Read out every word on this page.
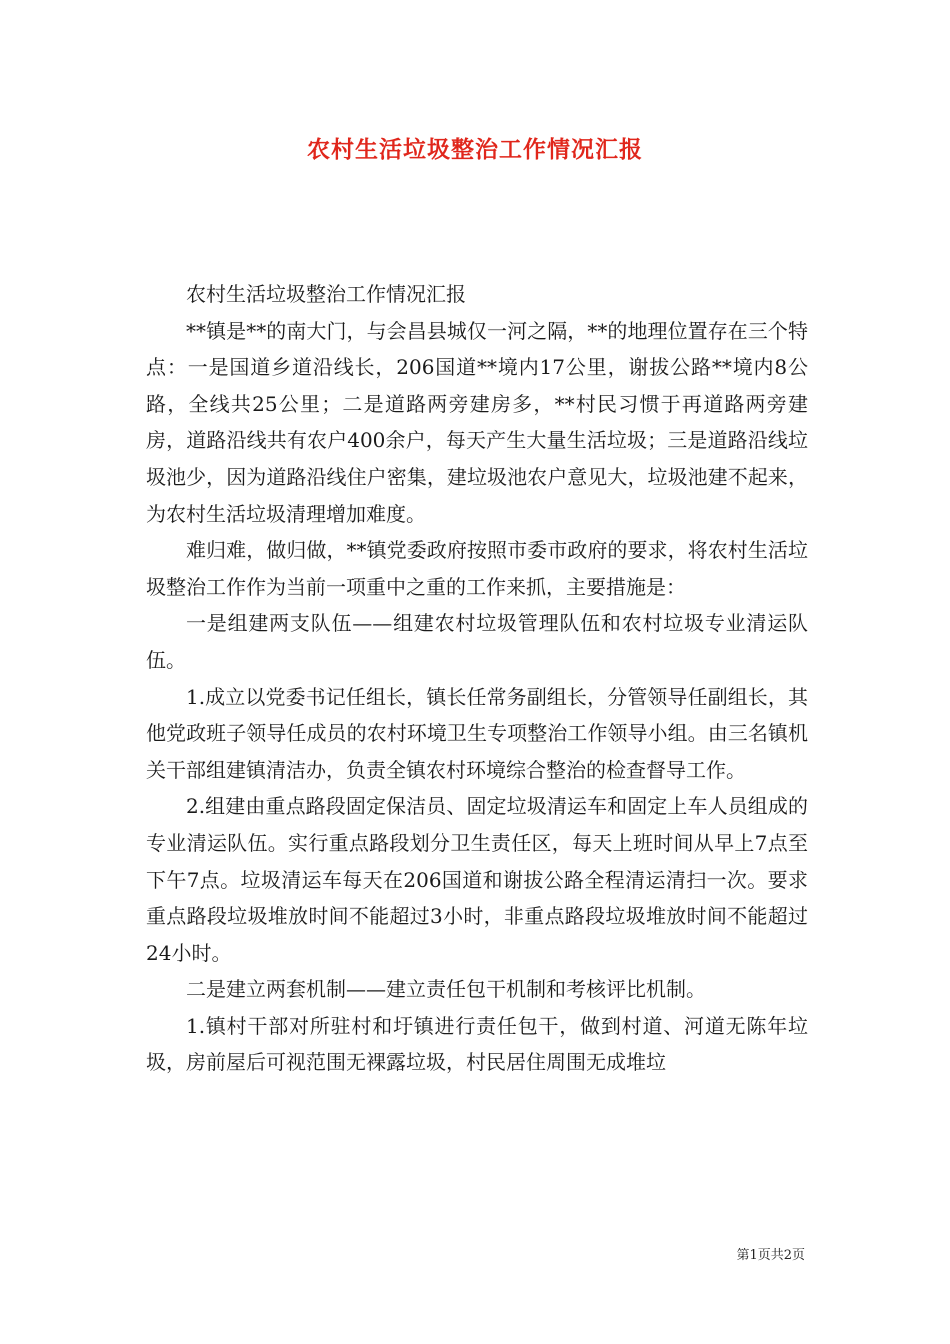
农村生活垃圾整治工作情况汇报

农村生活垃圾整治工作情况汇报

**镇是**的南大门，与会昌县城仅一河之隔，**的地理位置存在三个特点：一是国道乡道沿线长，206国道**境内17公里，谢拔公路**境内8公路，全线共25公里；二是道路两旁建房多，**村民习惯于再道路两旁建房，道路沿线共有农户400余户，每天产生大量生活垃圾；三是道路沿线垃圾池少，因为道路沿线住户密集，建垃圾池农户意见大，垃圾池建不起来，为农村生活垃圾清理增加难度。

难归难，做归做，**镇党委政府按照市委市政府的要求，将农村生活垃圾整治工作作为当前一项重中之重的工作来抓，主要措施是：

一是组建两支队伍——组建农村垃圾管理队伍和农村垃圾专业清运队伍。

1.成立以党委书记任组长，镇长任常务副组长，分管领导任副组长，其他党政班子领导任成员的农村环境卫生专项整治工作领导小组。由三名镇机关干部组建镇清洁办，负责全镇农村环境综合整治的检查督导工作。

2.组建由重点路段固定保洁员、固定垃圾清运车和固定上车人员组成的专业清运队伍。实行重点路段划分卫生责任区，每天上班时间从早上7点至下午7点。垃圾清运车每天在206国道和谢拔公路全程清运清扫一次。要求重点路段垃圾堆放时间不能超过3小时，非重点路段垃圾堆放时间不能超过24小时。

二是建立两套机制——建立责任包干机制和考核评比机制。

1.镇村干部对所驻村和圩镇进行责任包干，做到村道、河道无陈年垃圾，房前屋后可视范围无裸露垃圾，村民居住周围无成堆垃

第1页共2页
